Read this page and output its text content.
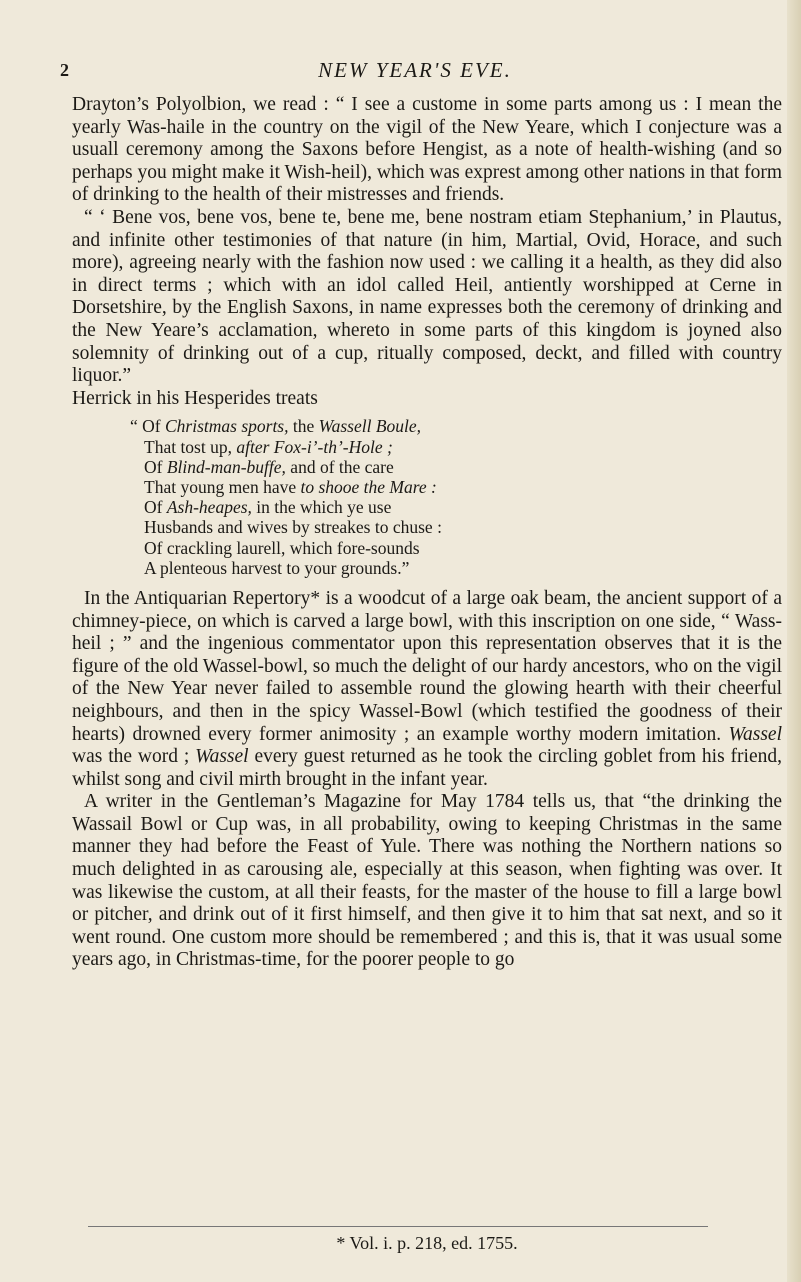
2	NEW YEAR'S EVE.

Drayton’s Polyolbion, we read : “ I see a custome in some parts among us : I mean the yearly Was-haile in the country on the vigil of the New Yeare, which I conjecture was a usuall ceremony among the Saxons before Hengist, as a note of health-wishing (and so perhaps you might make it Wish-heil), which was exprest among other nations in that form of drinking to the health of their mistresses and friends.

“ ‘ Bene vos, bene vos, bene te, bene me, bene nostram etiam Stephanium,’ in Plautus, and infinite other testimonies of that nature (in him, Martial, Ovid, Horace, and such more), agreeing nearly with the fashion now used : we calling it a health, as they did also in direct terms ; which with an idol called Heil, antiently worshipped at Cerne in Dorsetshire, by the English Saxons, in name expresses both the ceremony of drinking and the New Yeare’s acclamation, whereto in some parts of this kingdom is joyned also solemnity of drinking out of a cup, ritually composed, deckt, and filled with country liquor.”

Herrick in his Hesperides treats

“ Of Christmas sports, the Wassell Boule,
That tost up, after Fox-i’-th’-Hole ;
Of Blind-man-buffe, and of the care
That young men have to shooe the Mare :
Of Ash-heapes, in the which ye use
Husbands and wives by streakes to chuse :
Of crackling laurell, which fore-sounds
A plenteous harvest to your grounds.”

In the Antiquarian Repertory* is a woodcut of a large oak beam, the ancient support of a chimney-piece, on which is carved a large bowl, with this inscription on one side, “ Wass-heil ; ” and the ingenious commentator upon this representation observes that it is the figure of the old Wassel-bowl, so much the delight of our hardy ancestors, who on the vigil of the New Year never failed to assemble round the glowing hearth with their cheerful neighbours, and then in the spicy Wassel-Bowl (which testified the goodness of their hearts) drowned every former animosity ; an example worthy modern imitation. Wassel was the word ; Wassel every guest returned as he took the circling goblet from his friend, whilst song and civil mirth brought in the infant year.

A writer in the Gentleman’s Magazine for May 1784 tells us, that “the drinking the Wassail Bowl or Cup was, in all probability, owing to keeping Christmas in the same manner they had before the Feast of Yule. There was nothing the Northern nations so much delighted in as carousing ale, especially at this season, when fighting was over. It was likewise the custom, at all their feasts, for the master of the house to fill a large bowl or pitcher, and drink out of it first himself, and then give it to him that sat next, and so it went round. One custom more should be remembered ; and this is, that it was usual some years ago, in Christmas-time, for the poorer people to go

* Vol. i. p. 218, ed. 1755.
